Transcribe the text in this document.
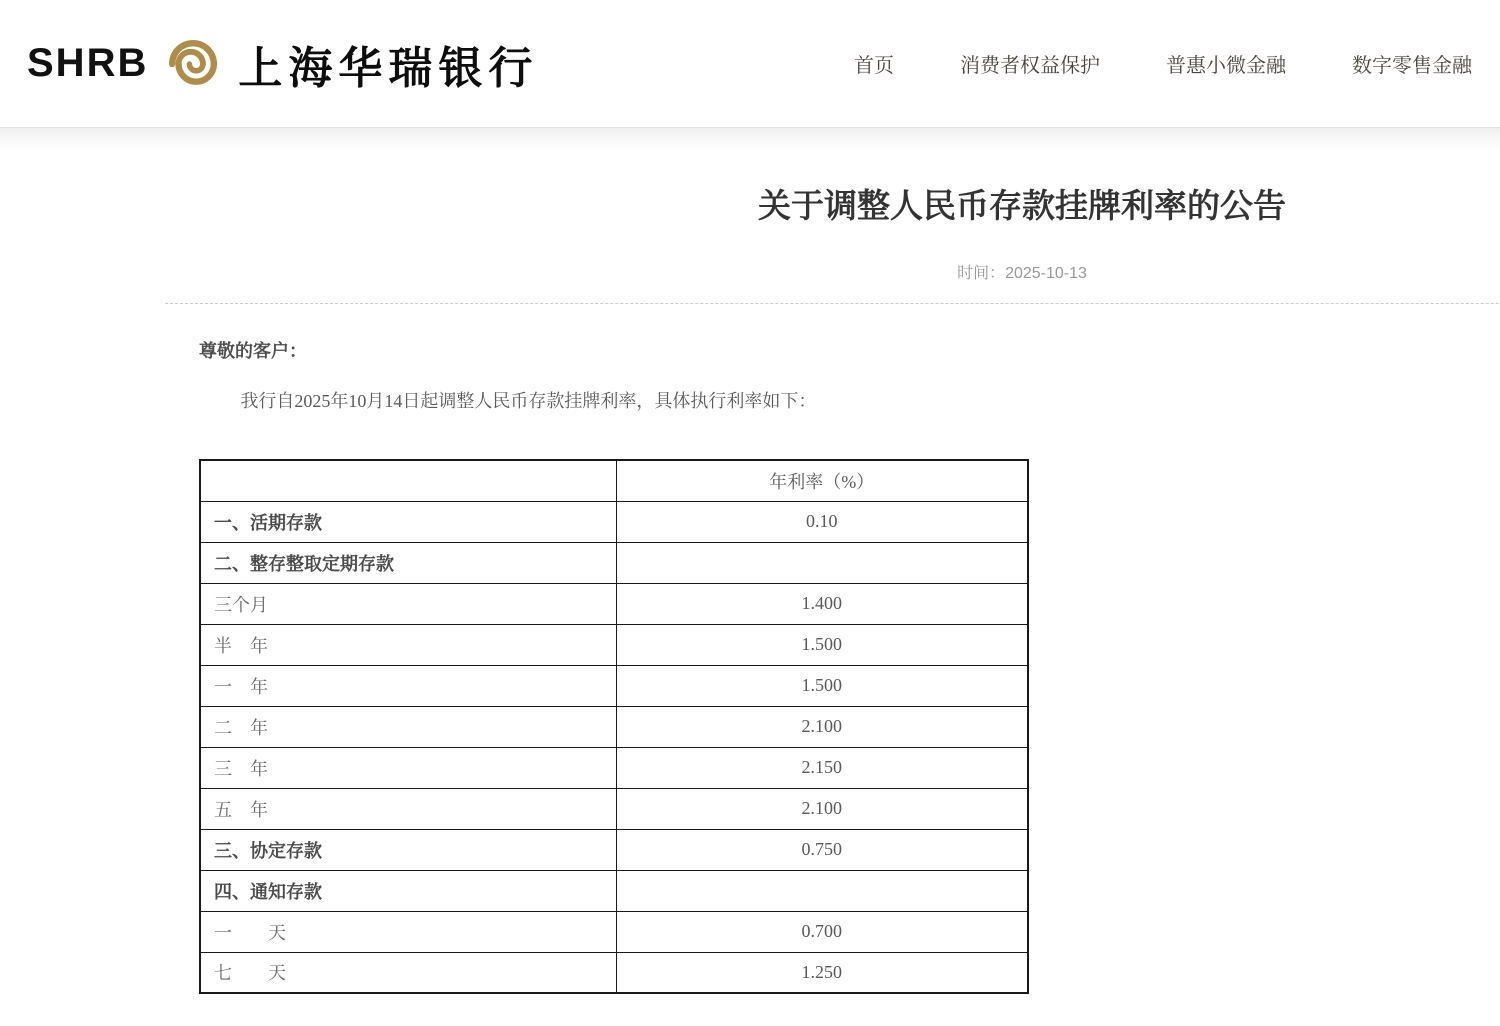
SHRB 上海华瑞银行	首页	消费者权益保护	普惠小微金融	数字零售金融
关于调整人民币存款挂牌利率的公告
时间：2025-10-13

尊敬的客户：

我行自2025年10月14日起调整人民币存款挂牌利率，具体执行利率如下：

	年利率（%）
一、活期存款	0.10
二、整存整取定期存款	
三个月	1.400
半　年	1.500
一　年	1.500
二　年	2.100
三　年	2.150
五　年	2.100
三、协定存款	0.750
四、通知存款	
一　　天	0.700
七　　天	1.250
